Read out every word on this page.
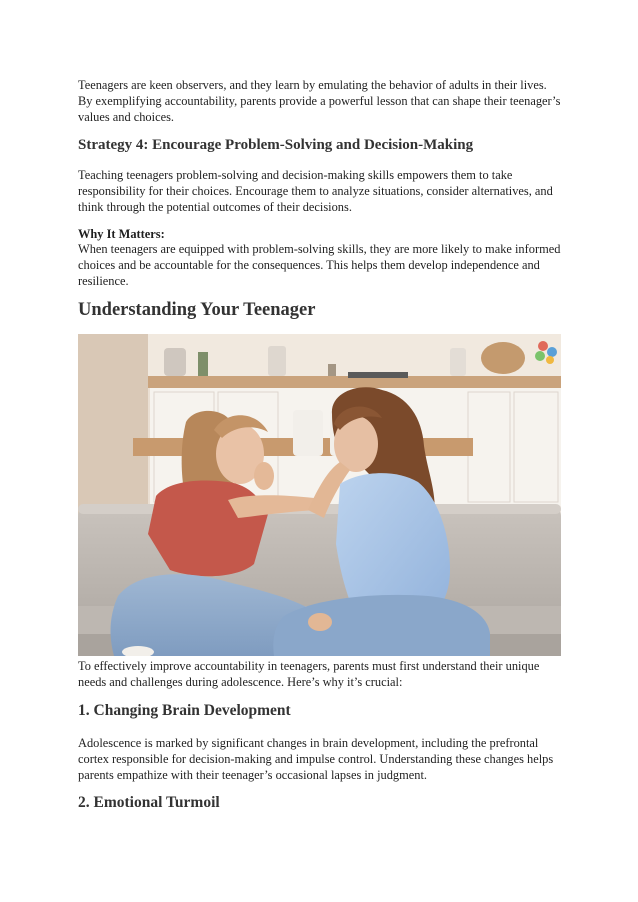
Teenagers are keen observers, and they learn by emulating the behavior of adults in their lives. By exemplifying accountability, parents provide a powerful lesson that can shape their teenager’s values and choices.

Strategy 4: Encourage Problem-Solving and Decision-Making

Teaching teenagers problem-solving and decision-making skills empowers them to take responsibility for their choices. Encourage them to analyze situations, consider alternatives, and think through the potential outcomes of their decisions.

Why It Matters:

When teenagers are equipped with problem-solving skills, they are more likely to make informed choices and be accountable for the consequences. This helps them develop independence and resilience.

Understanding Your Teenager

To effectively improve accountability in teenagers, parents must first understand their unique needs and challenges during adolescence. Here’s why it’s crucial:

1. Changing Brain Development

Adolescence is marked by significant changes in brain development, including the prefrontal cortex responsible for decision-making and impulse control. Understanding these changes helps parents empathize with their teenager’s occasional lapses in judgment.

2. Emotional Turmoil
